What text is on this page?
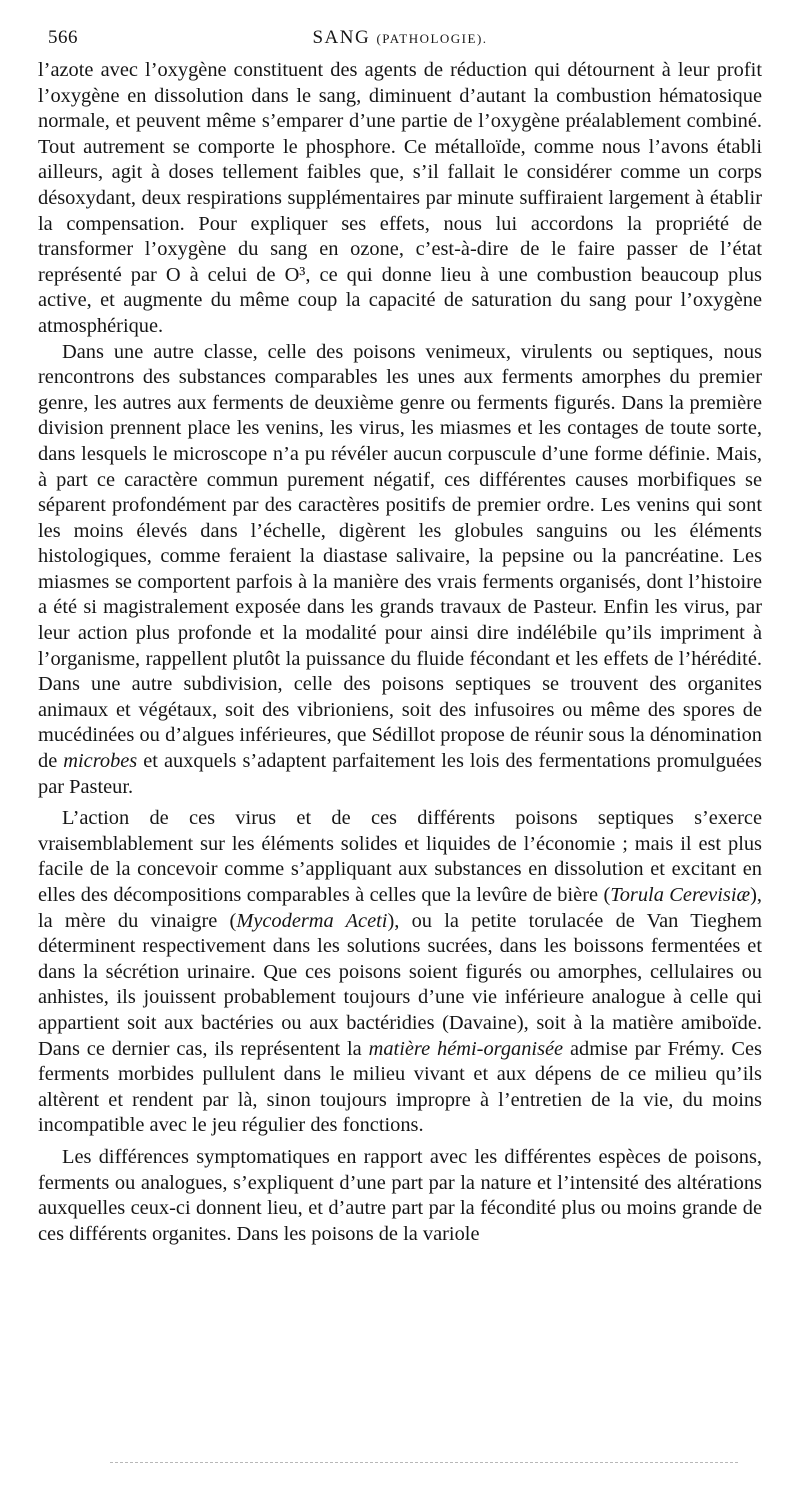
566	SANG (PATHOLOGIE).

l’azote avec l’oxygène constituent des agents de réduction qui détournent à leur profit l’oxygène en dissolution dans le sang, diminuent d’autant la combustion hématosique normale, et peuvent même s’emparer d’une partie de l’oxygène préalablement combiné. Tout autrement se comporte le phosphore. Ce métalloïde, comme nous l’avons établi ailleurs, agit à doses tellement faibles que, s’il fallait le considérer comme un corps désoxydant, deux respirations supplémentaires par minute suffiraient largement à établir la compensation. Pour expliquer ses effets, nous lui accordons la propriété de transformer l’oxygène du sang en ozone, c’est-à-dire de le faire passer de l’état représenté par O à celui de O³, ce qui donne lieu à une combustion beaucoup plus active, et augmente du même coup la capacité de saturation du sang pour l’oxygène atmosphérique.

Dans une autre classe, celle des poisons venimeux, virulents ou septiques, nous rencontrons des substances comparables les unes aux ferments amorphes du premier genre, les autres aux ferments de deuxième genre ou ferments figurés. Dans la première division prennent place les venins, les virus, les miasmes et les contages de toute sorte, dans lesquels le microscope n’a pu révéler aucun corpuscule d’une forme définie. Mais, à part ce caractère commun purement négatif, ces différentes causes morbifiques se séparent profondément par des caractères positifs de premier ordre. Les venins qui sont les moins élevés dans l’échelle, digèrent les globules sanguins ou les éléments histologiques, comme feraient la diastase salivaire, la pepsine ou la pancréatine. Les miasmes se comportent parfois à la manière des vrais ferments organisés, dont l’histoire a été si magistralement exposée dans les grands travaux de Pasteur. Enfin les virus, par leur action plus profonde et la modalité pour ainsi dire indélébile qu’ils impriment à l’organisme, rappellent plutôt la puissance du fluide fécondant et les effets de l’hérédité. Dans une autre subdivision, celle des poisons septiques se trouvent des organites animaux et végétaux, soit des vibrioniens, soit des infusoires ou même des spores de mucédinées ou d’algues inférieures, que Sédillot propose de réunir sous la dénomination de microbes et auxquels s’adaptent parfaitement les lois des fermentations promulguées par Pasteur.

L’action de ces virus et de ces différents poisons septiques s’exerce vraisemblablement sur les éléments solides et liquides de l’économie ; mais il est plus facile de la concevoir comme s’appliquant aux substances en dissolution et excitant en elles des décompositions comparables à celles que la levûre de bière (Torula Cerevisiæ), la mère du vinaigre (Mycoderma Aceti), ou la petite torulacée de Van Tieghem déterminent respectivement dans les solutions sucrées, dans les boissons fermentées et dans la sécrétion urinaire. Que ces poisons soient figurés ou amorphes, cellulaires ou anhistes, ils jouissent probablement toujours d’une vie inférieure analogue à celle qui appartient soit aux bactéries ou aux bactéridies (Davaine), soit à la matière amiboïde. Dans ce dernier cas, ils représentent la matière hémi-organisée admise par Frémy. Ces ferments morbides pullulent dans le milieu vivant et aux dépens de ce milieu qu’ils altèrent et rendent par là, sinon toujours impropre à l’entretien de la vie, du moins incompatible avec le jeu régulier des fonctions.

Les différences symptomatiques en rapport avec les différentes espèces de poisons, ferments ou analogues, s’expliquent d’une part par la nature et l’intensité des altérations auxquelles ceux-ci donnent lieu, et d’autre part par la fécondité plus ou moins grande de ces différents organites. Dans les poisons de la variole
